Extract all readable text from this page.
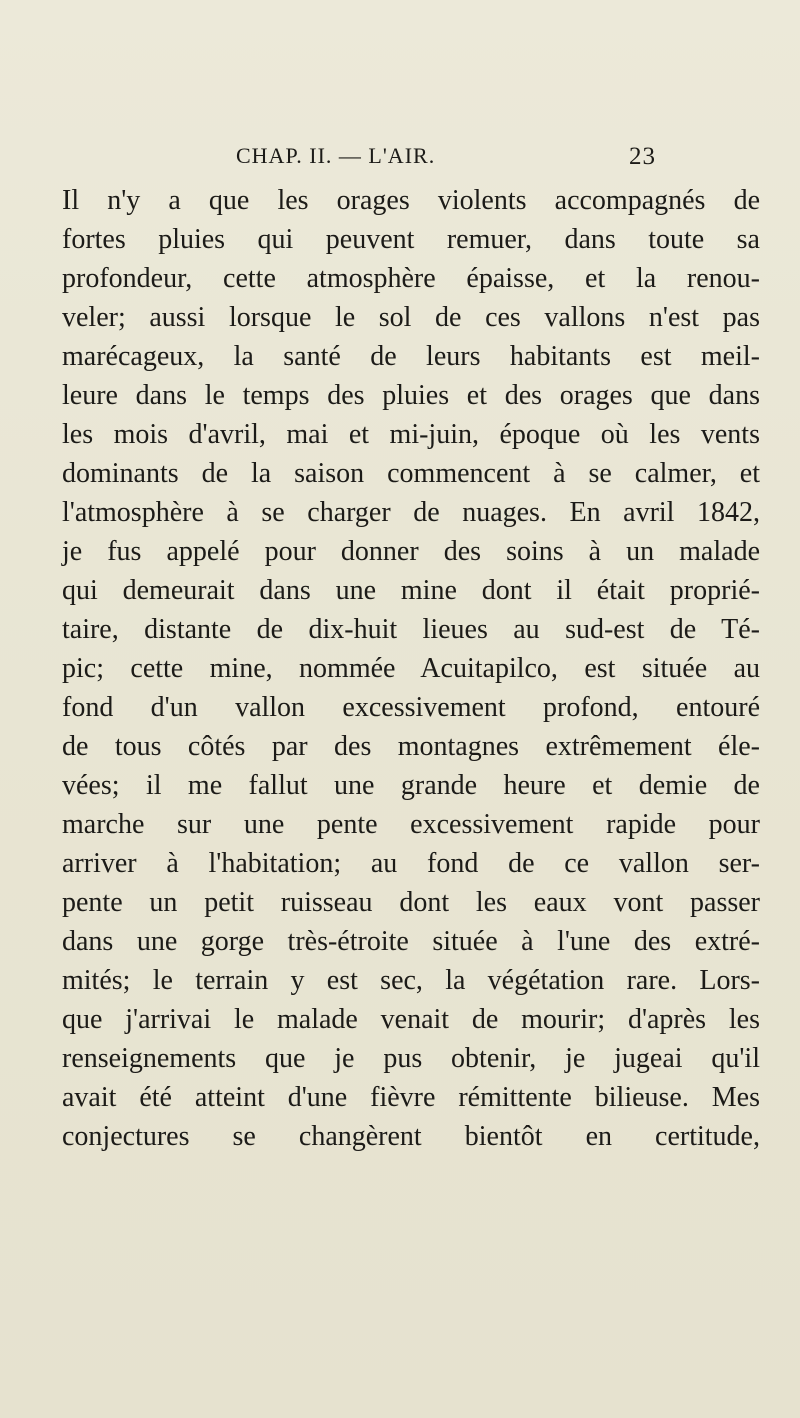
CHAP. II. — L'AIR.	23
Il n'y a que les orages violents accompagnés de
fortes pluies qui peuvent remuer, dans toute sa
profondeur, cette atmosphère épaisse, et la renou-
veler; aussi lorsque le sol de ces vallons n'est pas
marécageux, la santé de leurs habitants est meil-
leure dans le temps des pluies et des orages que dans
les mois d'avril, mai et mi-juin, époque où les vents
dominants de la saison commencent à se calmer, et
l'atmosphère à se charger de nuages. En avril 1842,
je fus appelé pour donner des soins à un malade
qui demeurait dans une mine dont il était proprié-
taire, distante de dix-huit lieues au sud-est de Té-
pic; cette mine, nommée Acuitapilco, est située au
fond d'un vallon excessivement profond, entouré
de tous côtés par des montagnes extrêmement éle-
vées; il me fallut une grande heure et demie de
marche sur une pente excessivement rapide pour
arriver à l'habitation; au fond de ce vallon ser-
pente un petit ruisseau dont les eaux vont passer
dans une gorge très-étroite située à l'une des extré-
mités; le terrain y est sec, la végétation rare. Lors-
que j'arrivai le malade venait de mourir; d'après les
renseignements que je pus obtenir, je jugeai qu'il
avait été atteint d'une fièvre rémittente bilieuse. Mes
conjectures se changèrent bientôt en certitude,
